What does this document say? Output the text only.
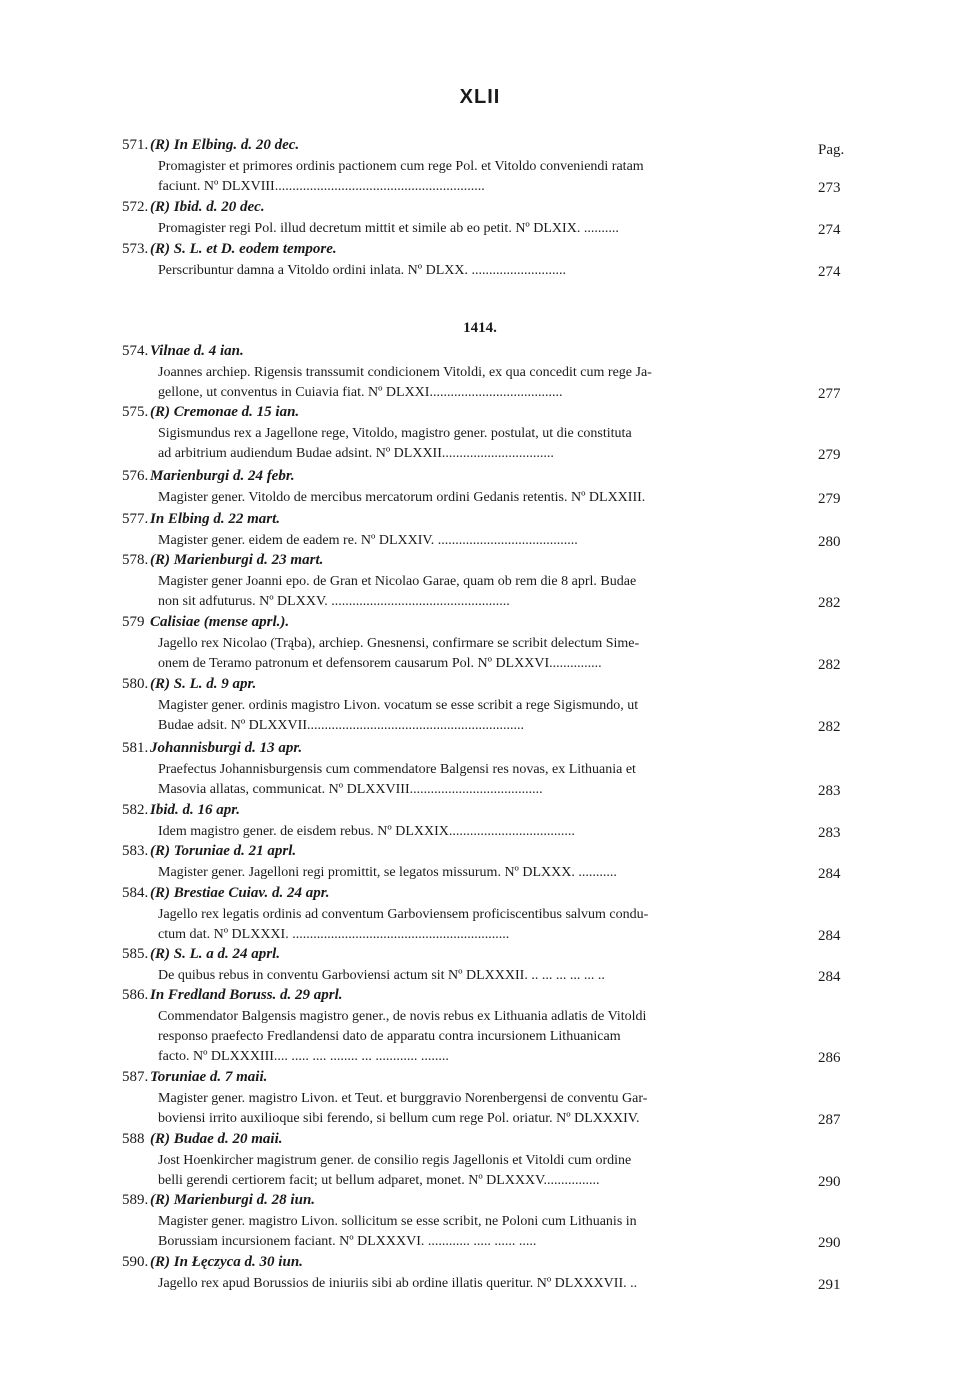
XLII
Pag.
571. (R) In Elbing. d. 20 dec.
Promagister et primores ordinis pactionem cum rege Pol. et Vitoldo conveniendi ratam
faciunt. Nº DLXVIII............................................................	273
572. (R) Ibid. d. 20 dec.
Promagister regi Pol. illud decretum mittit et simile ab eo petit. Nº DLXIX. ..........	274
573. (R) S. L. et D. eodem tempore.
Perscribuntur damna a Vitoldo ordini inlata. Nº DLXX. ...........................	274
574. Vilnae d. 4 ian.
Joannes archiep. Rigensis transsumit condicionem Vitoldi, ex qua concedit cum rege Ja-
gellone, ut conventus in Cuiavia fiat. Nº DLXXI......................................	277
575. (R) Cremonae d. 15 ian.
Sigismundus rex a Jagellone rege, Vitoldo, magistro gener. postulat, ut die constituta
ad arbitrium audiendum Budae adsint. Nº DLXXII................................	279
576. Marienburgi d. 24 febr.
Magister gener. Vitoldo de mercibus mercatorum ordini Gedanis retentis. Nº DLXXIII.	279
577. In Elbing d. 22 mart.
Magister gener. eidem de eadem re. Nº DLXXIV. ........................................	280
578. (R) Marienburgi d. 23 mart.
Magister gener Joanni epo. de Gran et Nicolao Garae, quam ob rem die 8 aprl. Budae
non sit adfuturus. Nº DLXXV. ...................................................	282
579 Calisiae (mense aprl.).
Jagello rex Nicolao (Trąba), archiep. Gnesnensi, confirmare se scribit delectum Sime-
onem de Teramo patronum et defensorem causarum Pol. Nº DLXXVI...............	282
580. (R) S. L. d. 9 apr.
Magister gener. ordinis magistro Livon. vocatum se esse scribit a rege Sigismundo, ut
Budae adsit. Nº DLXXVII..............................................................	282
581. Johannisburgi d. 13 apr.
Praefectus Johannisburgensis cum commendatore Balgensi res novas, ex Lithuania et
Masovia allatas, communicat. Nº DLXXVIII......................................	283
582. Ibid. d. 16 apr.
Idem magistro gener. de eisdem rebus. Nº DLXXIX....................................	283
583. (R) Toruniae d. 21 aprl.
Magister gener. Jagelloni regi promittit, se legatos missurum. Nº DLXXX. ...........	284
584. (R) Brestiae Cuiav. d. 24 apr.
Jagello rex legatis ordinis ad conventum Garboviensem proficiscentibus salvum condu-
ctum dat. Nº DLXXXI. ..............................................................	284
585. (R) S. L. a d. 24 aprl.
De quibus rebus in conventu Garboviensi actum sit Nº DLXXXII. .. ... ... ... ... ..	284
586. In Fredland Boruss. d. 29 aprl.
Commendator Balgensis magistro gener., de novis rebus ex Lithuania adlatis de Vitoldi
responso praefecto Fredlandensi dato de apparatu contra incursionem Lithuanicam
facto. Nº DLXXXIII.... ..... .... ........ ... ............ ........	286
587. Toruniae d. 7 maii.
Magister gener. magistro Livon. et Teut. et burggravio Norenbergensi de conventu Gar-
boviensi irrito auxilioque sibi ferendo, si bellum cum rege Pol. oriatur. Nº DLXXXIV.	287
588 (R) Budae d. 20 maii.
Jost Hoenkircher magistrum gener. de consilio regis Jagellonis et Vitoldi cum ordine
belli gerendi certiorem facit; ut bellum adparet, monet. Nº DLXXXV................	290
589. (R) Marienburgi d. 28 iun.
Magister gener. magistro Livon. sollicitum se esse scribit, ne Poloni cum Lithuanis in
Borussiam incursionem faciant. Nº DLXXXVI. ............ ..... ...... .....	290
590. (R) In Łęczyca d. 30 iun.
Jagello rex apud Borussios de iniuriis sibi ab ordine illatis queritur. Nº DLXXXVII. ..	291
1414.
